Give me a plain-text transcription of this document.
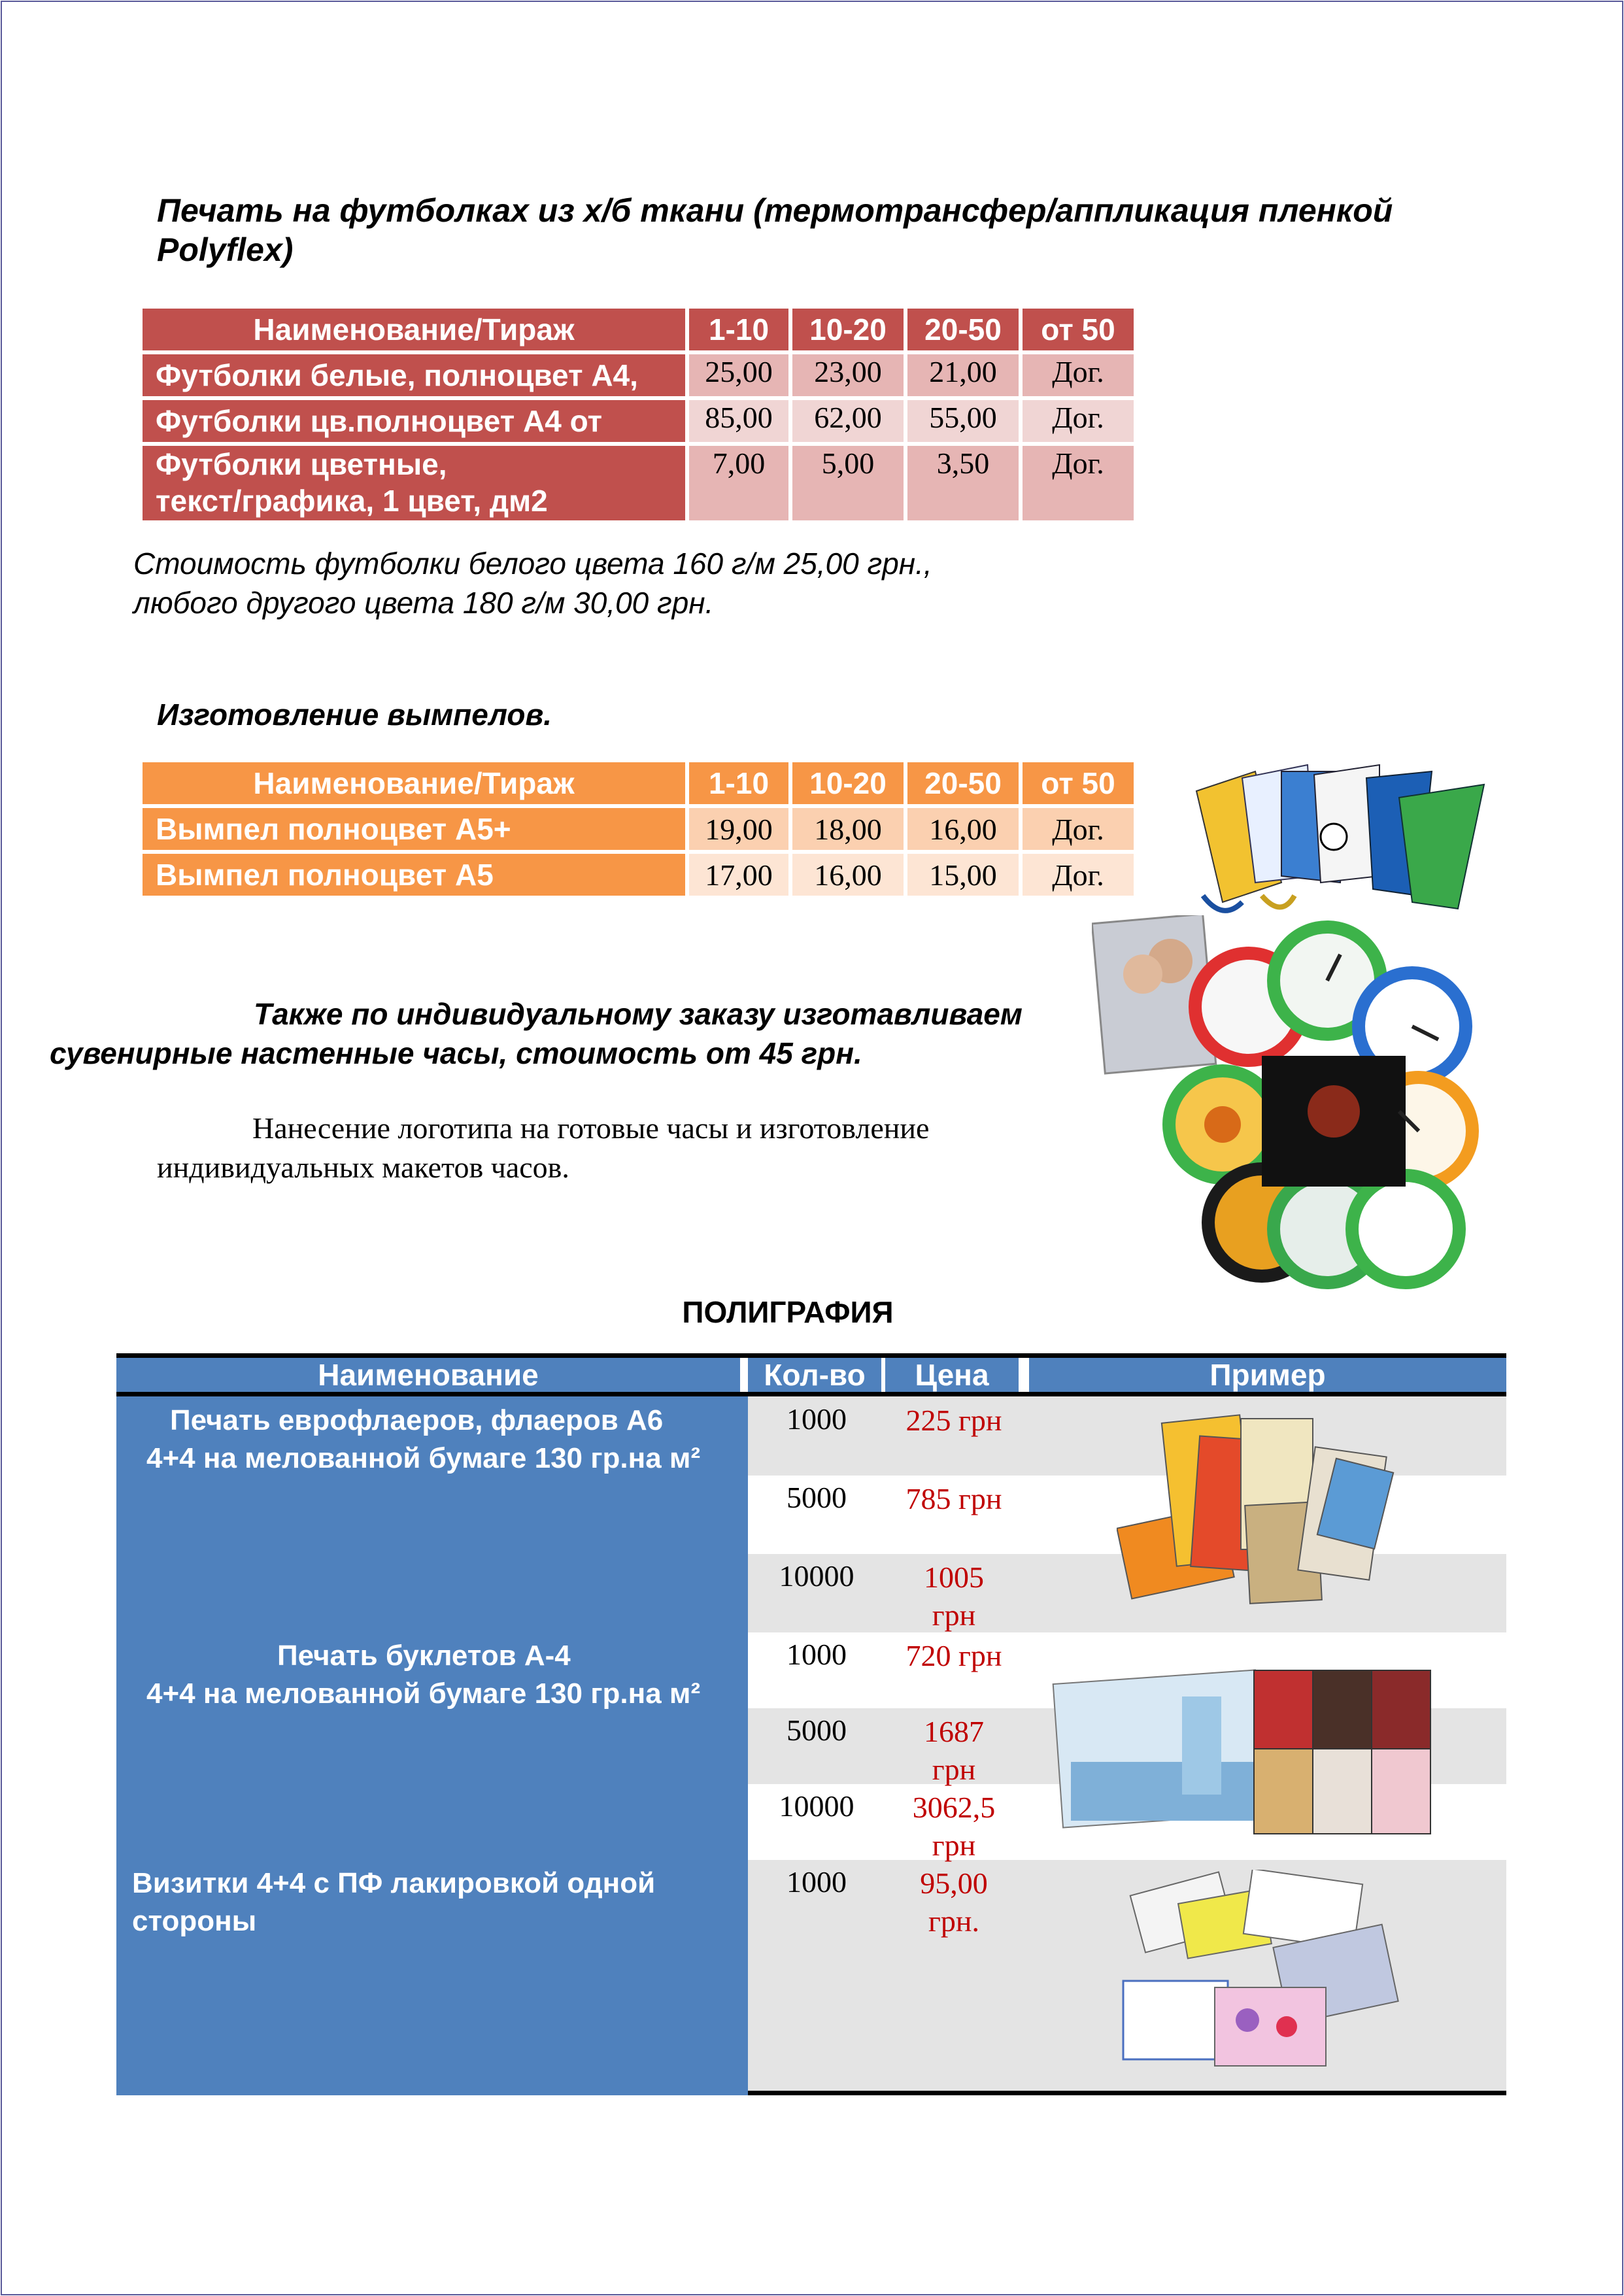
Печать на футболках из х/б ткани (термотрансфер/аппликация пленкой Polyflex)
Наименование/Тираж	1-10	10-20	20-50	от 50
Футболки белые, полноцвет А4,	25,00	23,00	21,00	Дог.
Футболки цв.полноцвет А4 от	85,00	62,00	55,00	Дог.

Футболки цветные,
текст/графика, 1 цвет, дм2	7,00	5,00	3,50	Дог.
Стоимость футболки белого цвета 160 г/м 25,00 грн.,
любого другого цвета 180 г/м 30,00 грн.
Изготовление вымпелов.
Наименование/Тираж	1-10	10-20	20-50	от 50
Вымпел полноцвет А5+	19,00	18,00	16,00	Дог.
Вымпел полноцвет А5	17,00	16,00	15,00	Дог.
Также по индивидуальному заказу изготавливаем
сувенирные настенные часы, стоимость от 45 грн.
Нанесение логотипа на готовые часы и изготовление
индивидуальных макетов часов.
ПОЛИГРАФИЯ
Наименование	Кол-во	Цена	Пример
Печать еврофлаеров, флаеров А6
4+4 на мелованной бумаге 130 гр.на м²
1000	225 грн
5000	785 грн
10000	1005
грн
Печать буклетов А-4
4+4 на мелованной бумаге 130 гр.на м²
1000	720 грн
5000	1687
грн
10000	3062,5
грн
Визитки 4+4 с ПФ лакировкой одной
стороны
1000	95,00
грн.
